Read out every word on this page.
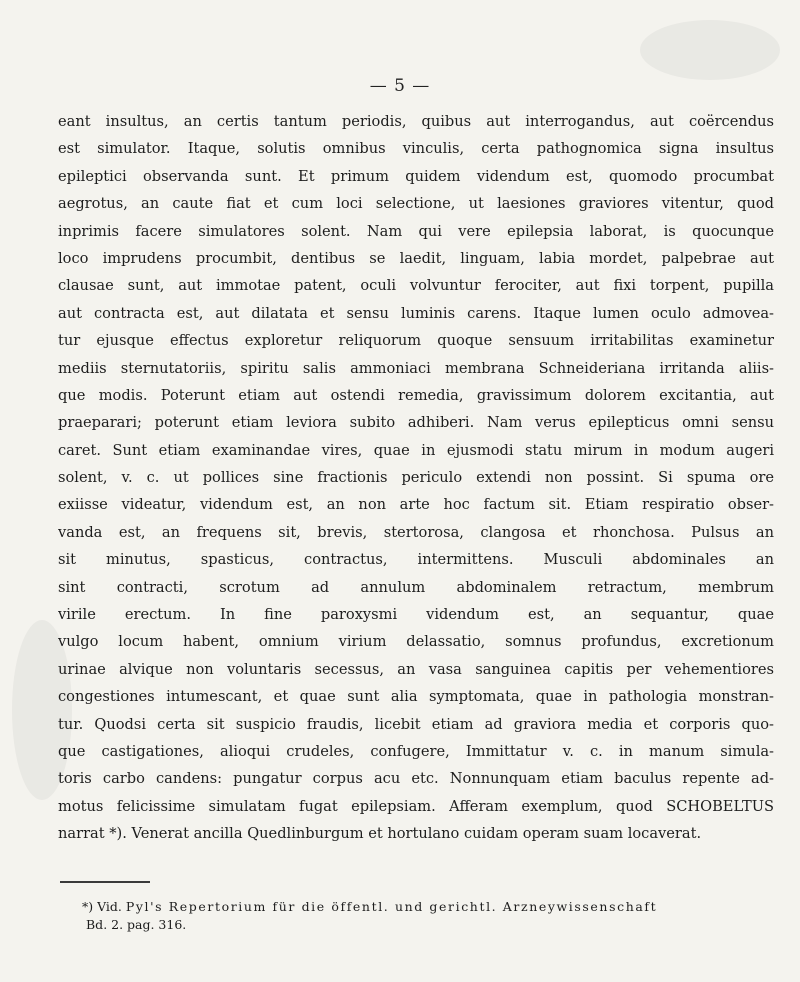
— 5 —
eant insultus, an certis tantum periodis, quibus aut interrogandus, aut coërcendus
est simulator. Itaque, solutis omnibus vinculis, certa pathognomica signa insultus
epileptici observanda sunt. Et primum quidem videndum est, quomodo procumbat
aegrotus, an caute fiat et cum loci selectione, ut laesiones graviores vitentur, quod
inprimis facere simulatores solent. Nam qui vere epilepsia laborat, is quocunque
loco imprudens procumbit, dentibus se laedit, linguam, labia mordet, palpebrae aut
clausae sunt, aut immotae patent, oculi volvuntur ferociter, aut fixi torpent, pupilla
aut contracta est, aut dilatata et sensu luminis carens. Itaque lumen oculo admovea-
tur ejusque effectus exploretur reliquorum quoque sensuum irritabilitas examinetur
mediis sternutatoriis, spiritu salis ammoniaci membrana Schneideriana irritanda aliis-
que modis. Poterunt etiam aut ostendi remedia, gravissimum dolorem excitantia, aut
praeparari; poterunt etiam leviora subito adhiberi. Nam verus epilepticus omni sensu
caret. Sunt etiam examinandae vires, quae in ejusmodi statu mirum in modum augeri
solent, v. c. ut pollices sine fractionis periculo extendi non possint. Si spuma ore
exiisse videatur, videndum est, an non arte hoc factum sit. Etiam respiratio obser-
vanda est, an frequens sit, brevis, stertorosa, clangosa et rhonchosa. Pulsus an
sit minutus, spasticus, contractus, intermittens. Musculi abdominales an
sint contracti, scrotum ad annulum abdominalem retractum, membrum
virile erectum. In fine paroxysmi videndum est, an sequantur, quae
vulgo locum habent, omnium virium delassatio, somnus profundus, excretionum
urinae alvique non voluntaris secessus, an vasa sanguinea capitis per vehementiores
congestiones intumescant, et quae sunt alia symptomata, quae in pathologia monstran-
tur. Quodsi certa sit suspicio fraudis, licebit etiam ad graviora media et corporis quo-
que castigationes, alioqui crudeles, confugere, Immittatur v. c. in manum simula-
toris carbo candens: pungatur corpus acu etc. Nonnunquam etiam baculus repente ad-
motus felicissime simulatam fugat epilepsiam. Afferam exemplum, quod SCHOBELTUS
narrat *). Venerat ancilla Quedlinburgum et hortulano cuidam operam suam locaverat.
*) Vid. Pyl's Repertorium für die öffentl. und gerichtl. Arzneywissenschaft
Bd. 2. pag. 316.
